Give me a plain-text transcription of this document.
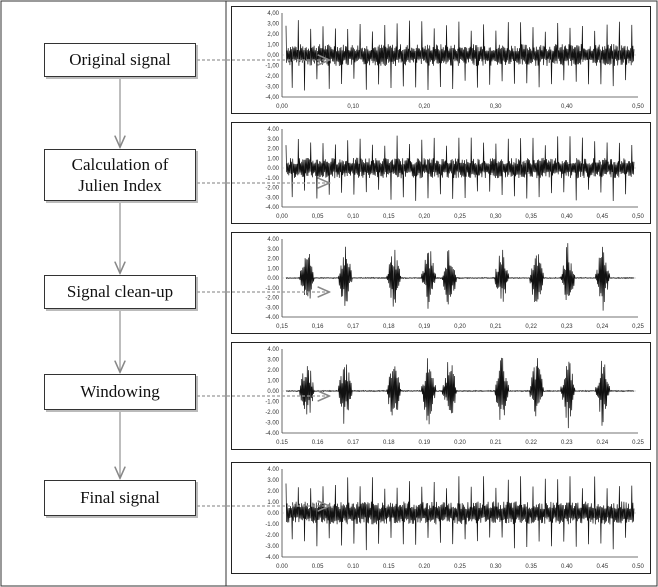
Original signal
Calculation of
Julien Index
Signal clean-up
Windowing
Final signal
4,00
3,00
2,00
1,00
0,00
-1,00
-2,00
-3,00
-4,00
0,00	0,10	0,20	0,30	0,40	0,50
4.00
3.00
2.00
1.00
0.00
-1.00
-2.00
-3.00
-4.00
0,00	0,05	0,10	0,15	0,20	0,25	0,30	0,35	0,40	0,45	0,50
4.00
3.00
2.00
1.00
0.00
-1.00
-2.00
-3.00
-4.00
0,15	0,16	0,17	0,18	0,19	0,20	0,21	0,22	0,23	0,24	0,25
4.00
3.00
2.00
1.00
0.00
-1.00
-2.00
-3.00
-4.00
0.15	0.16	0.17	0.18	0.19	0.20	0.21	0.22	0.23	0.24	0.25
4.00
3.00
2.00
1.00
0.00
-1.00
-2.00
-3.00
-4.00
0.00	0.05	0.10	0.15	0.20	0.25	0.30	0.35	0.40	0.45	0.50
